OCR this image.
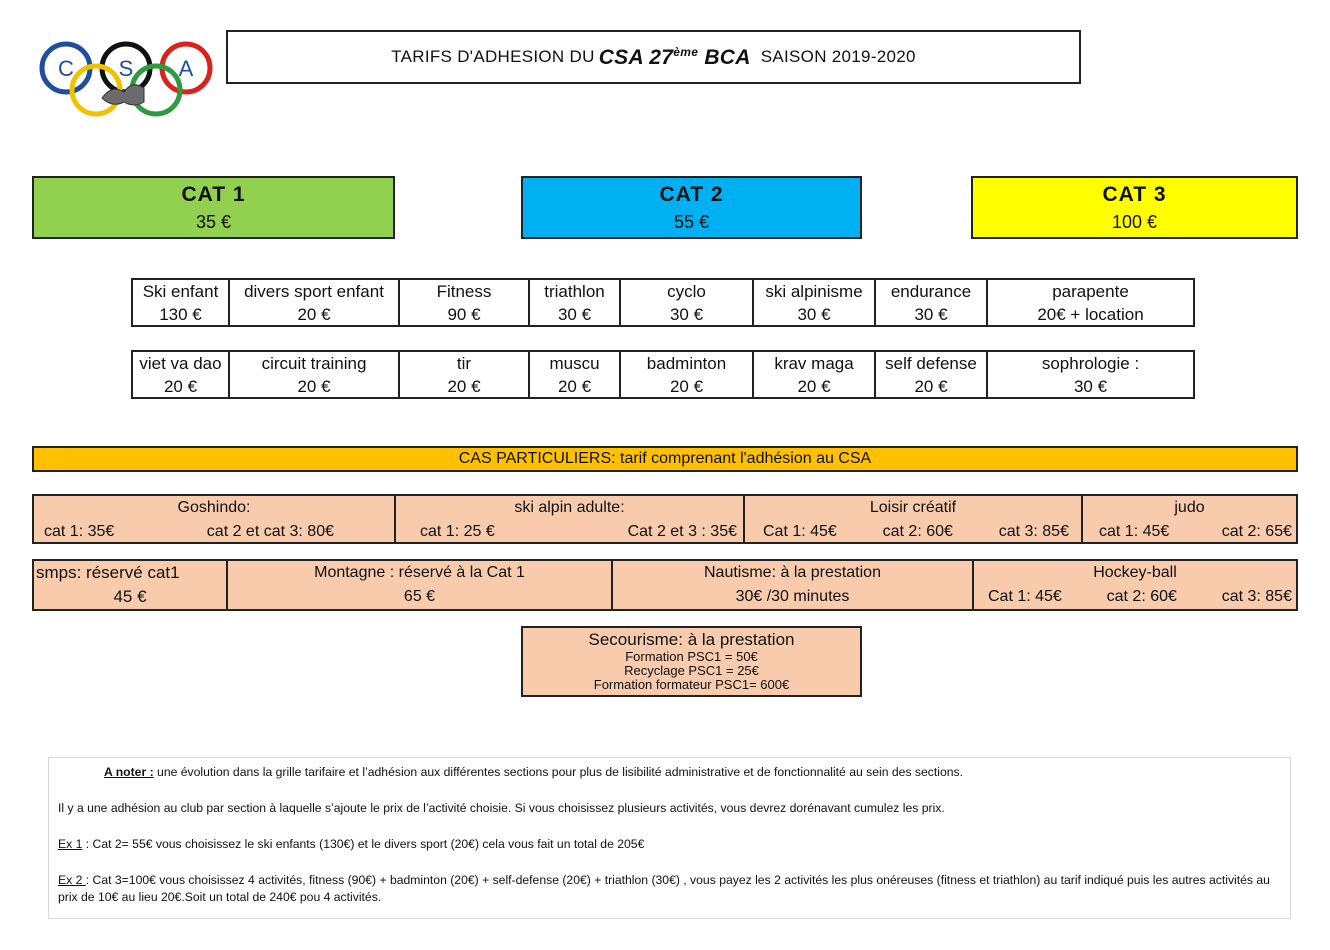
C S A	TARIFS D'ADHESION DU CSA 27ème BCA SAISON 2019-2020
CAT 1
35 €
CAT 2
55 €
CAT 3
100 €
Ski enfant
130 €
divers sport enfant
20 €
Fitness
90 €
triathlon
30 €
cyclo
30 €
ski alpinisme
30 €
endurance
30 €
parapente
20€ + location
viet va dao
20 €
circuit training
20 €
tir
20 €
muscu
20 €
badminton
20 €
krav maga
20 €
self defense
20 €
sophrologie :
30 €
CAS PARTICULIERS: tarif comprenant l'adhésion au CSA
Goshindo:
cat 1: 35€	cat 2 et cat 3: 80€
ski alpin adulte:
cat 1: 25 €	Cat 2 et 3 : 35€
Loisir créatif
Cat 1: 45€	cat 2: 60€	cat 3: 85€
judo
cat 1: 45€	cat 2: 65€
smps: réservé cat1
45 €
Montagne : réservé à la Cat 1
65 €
Nautisme: à la prestation
30€ /30 minutes
Hockey-ball
Cat 1: 45€	cat 2: 60€	cat 3: 85€
Secourisme: à la prestation
Formation PSC1 = 50€
Recyclage PSC1 = 25€
Formation formateur PSC1= 600€

A noter : une évolution dans la grille tarifaire et l’adhésion aux différentes sections pour plus de lisibilité administrative et de fonctionnalité au sein des sections.

Il y a une adhésion au club par section à laquelle s’ajoute le prix de l’activité choisie. Si vous choisissez plusieurs activités, vous devrez dorénavant cumulez les prix.

Ex 1 : Cat 2= 55€ vous choisissez le ski enfants (130€) et le divers sport (20€) cela vous fait un total de 205€

Ex 2 : Cat 3=100€ vous choisissez 4 activités, fitness (90€) + badminton (20€) + self-defense (20€) + triathlon (30€) , vous payez les 2 activités les plus onéreuses (fitness et triathlon) au tarif indiqué puis les autres activités au prix de 10€ au lieu 20€.Soit un total de 240€ pou 4 activités.
